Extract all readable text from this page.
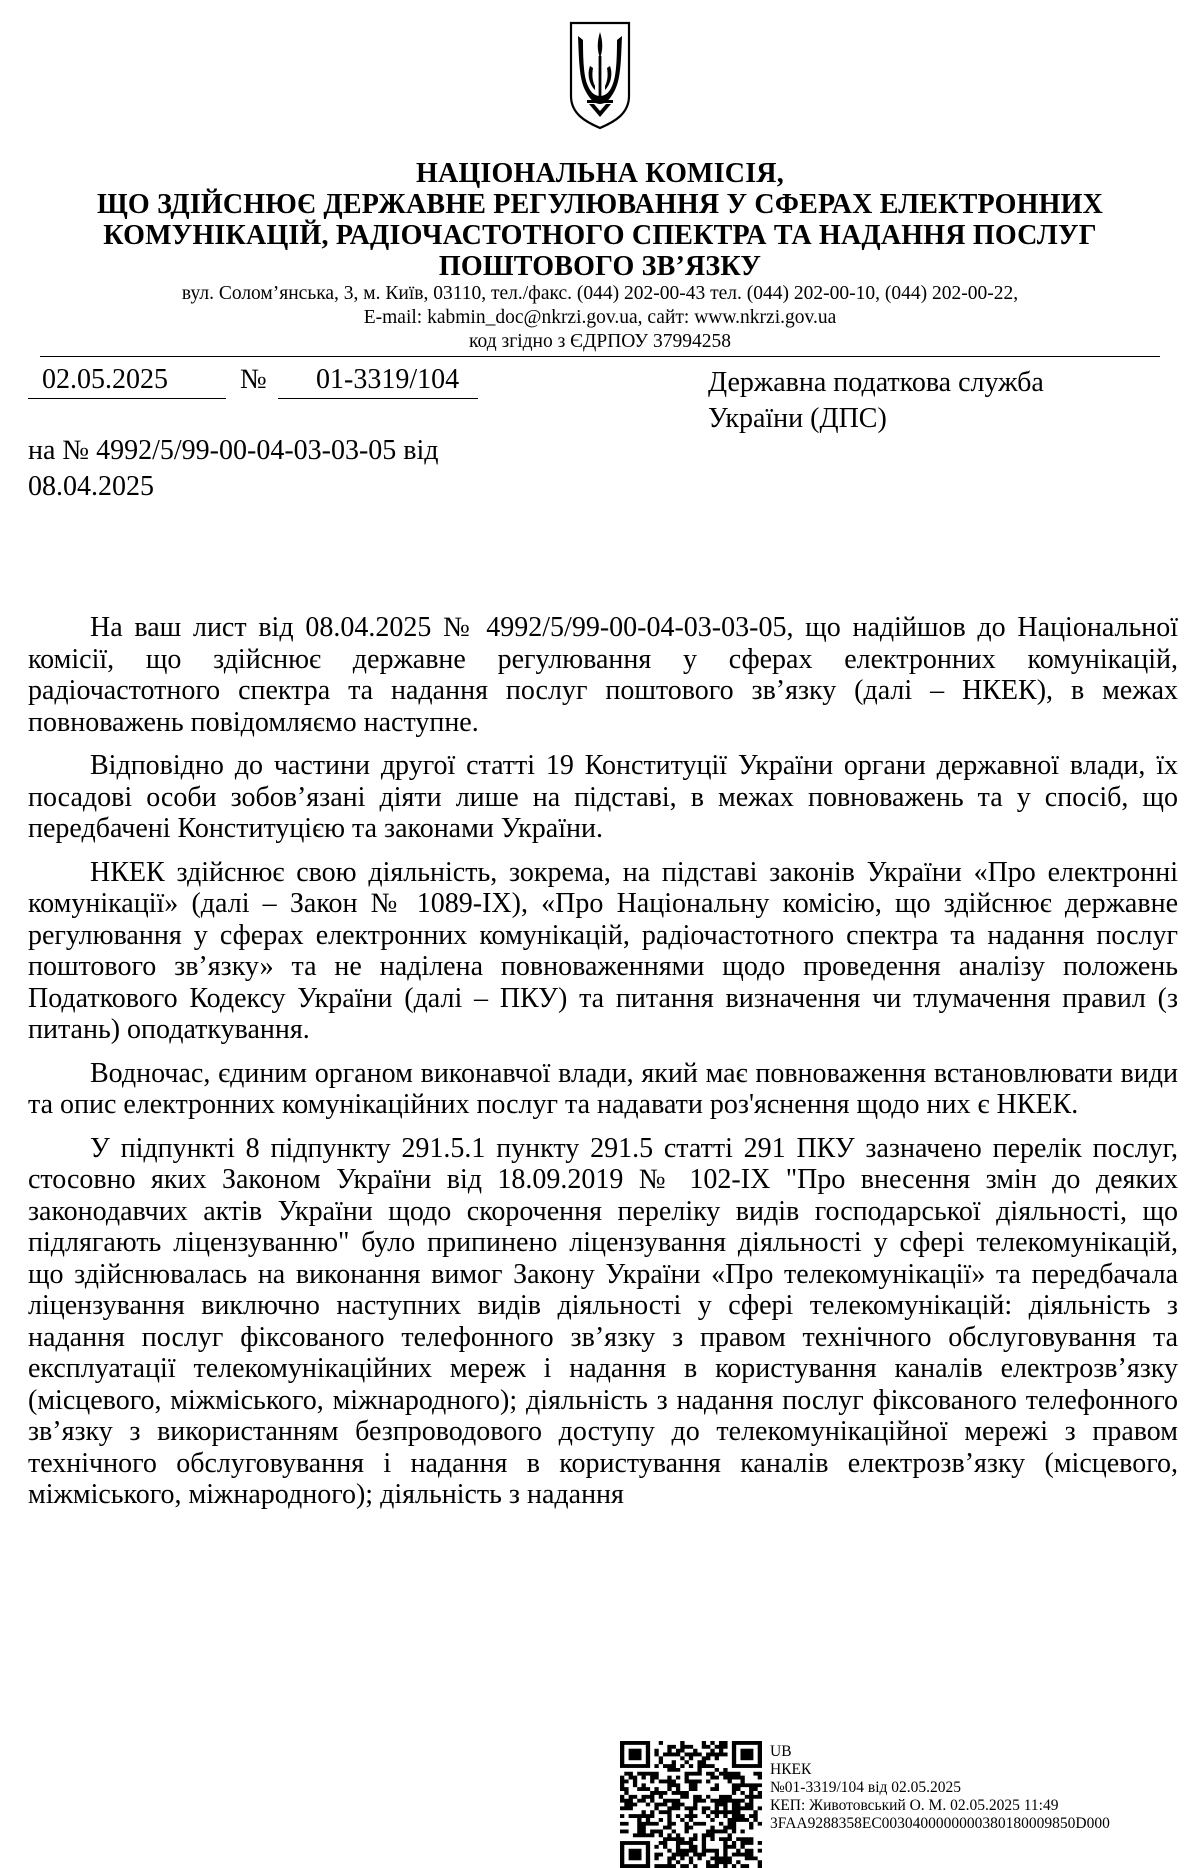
НАЦІОНАЛЬНА КОМІСІЯ,

ЩО ЗДІЙСНЮЄ ДЕРЖАВНЕ РЕГУЛЮВАННЯ У СФЕРАХ ЕЛЕКТРОННИХ

КОМУНІКАЦІЙ, РАДІОЧАСТОТНОГО СПЕКТРА ТА НАДАННЯ ПОСЛУГ

ПОШТОВОГО ЗВ’ЯЗКУ

вул. Солом’янська, 3, м. Київ, 03110, тел./факс. (044) 202-00-43 тел. (044) 202-00-10, (044) 202-00-22,

E-mail: kabmin_doc@nkrzi.gov.ua, сайт: www.nkrzi.gov.ua

код згідно з ЄДРПОУ 37994258

02.05.2025	№	01-3319/104	Державна податкова служба
України (ДПС)
на № 4992/5/99-00-04-03-03-05 від
08.04.2025

На ваш лист від 08.04.2025 № 4992/5/99-00-04-03-03-05, що надійшов до Національної комісії, що здійснює державне регулювання у сферах електронних комунікацій, радіочастотного спектра та надання послуг поштового зв’язку (далі – НКЕК), в межах повноважень повідомляємо наступне.

Відповідно до частини другої статті 19 Конституції України органи державної влади, їх посадові особи зобов’язані діяти лише на підставі, в межах повноважень та у спосіб, що передбачені Конституцією та законами України.

НКЕК здійснює свою діяльність, зокрема, на підставі законів України «Про електронні комунікації» (далі – Закон № 1089-IX), «Про Національну комісію, що здійснює державне регулювання у сферах електронних комунікацій, радіочастотного спектра та надання послуг поштового зв’язку» та не наділена повноваженнями щодо проведення аналізу положень Податкового Кодексу України (далі – ПКУ) та питання визначення чи тлумачення правил (з питань) оподаткування.

Водночас, єдиним органом виконавчої влади, який має повноваження встановлювати види та опис електронних комунікаційних послуг та надавати роз'яснення щодо них є НКЕК.

У підпункті 8 підпункту 291.5.1 пункту 291.5 статті 291 ПКУ зазначено перелік послуг, стосовно яких Законом України від 18.09.2019 № 102-IX "Про внесення змін до деяких законодавчих актів України щодо скорочення переліку видів господарської діяльності, що підлягають ліцензуванню" було припинено ліцензування діяльності у сфері телекомунікацій, що здійснювалась на виконання вимог Закону України «Про телекомунікації» та передбачала ліцензування виключно наступних видів діяльності у сфері телекомунікацій: діяльність з надання послуг фіксованого телефонного зв’язку з правом технічного обслуговування та експлуатації телекомунікаційних мереж і надання в користування каналів електрозв’язку (місцевого, міжміського, міжнародного); діяльність з надання послуг фіксованого телефонного зв’язку з використанням безпроводового доступу до телекомунікаційної мережі з правом технічного обслуговування і надання в користування каналів електрозв’язку (місцевого, міжміського, міжнародного); діяльність з надання

UB
НКЕК
№01-3319/104 від 02.05.2025
КЕП: Животовський О. М. 02.05.2025 11:49
3FAA9288358EC0030400000000380180009850D000
